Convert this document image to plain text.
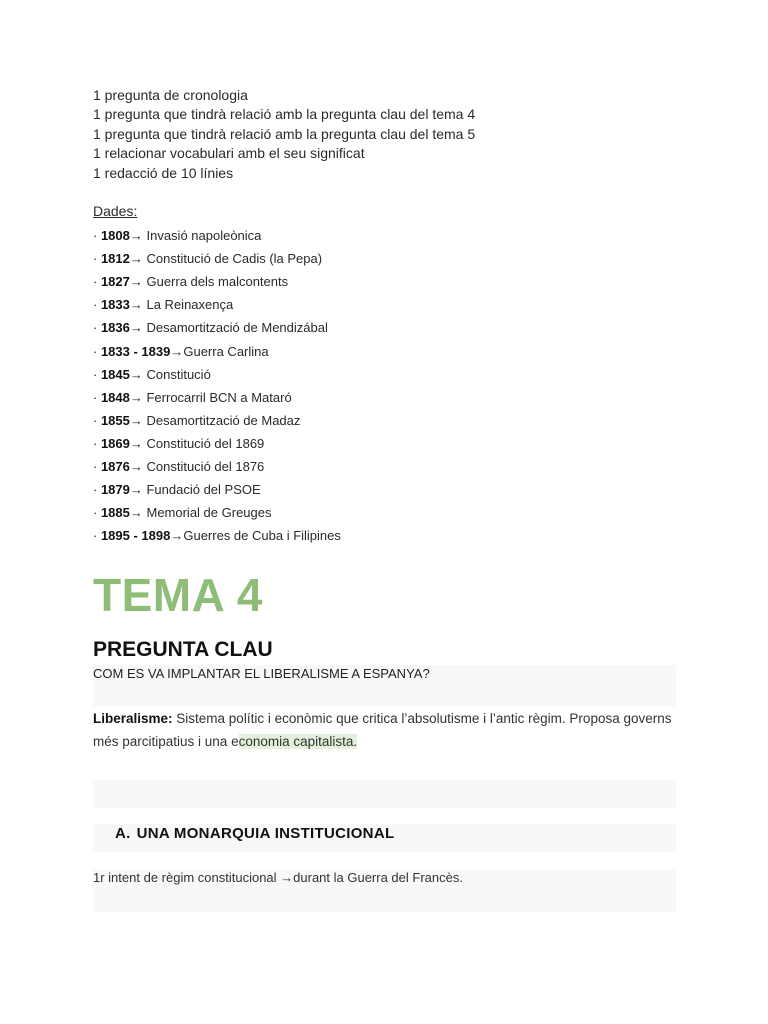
1 pregunta de cronologia
1 pregunta que tindrà relació amb la pregunta clau del tema 4
1 pregunta que tindrà relació amb la pregunta clau del tema 5
1 relacionar vocabulari amb el seu significat
1 redacció de 10 línies
Dades:
· 1808→ Invasió napoleònica
· 1812→ Constitució de Cadis (la Pepa)
· 1827→ Guerra dels malcontents
· 1833→ La Reinaxença
· 1836→ Desamortització de Mendizábal
· 1833 - 1839→Guerra Carlina
· 1845→ Constitució
· 1848→ Ferrocarril BCN a Mataró
· 1855→ Desamortització de Madaz
· 1869→ Constitució del 1869
· 1876→ Constitució del 1876
· 1879→ Fundació del PSOE
· 1885→ Memorial de Greuges
· 1895 - 1898→Guerres de Cuba i Filipines
TEMA 4
PREGUNTA CLAU
COM ES VA IMPLANTAR EL LIBERALISME A ESPANYA?
Liberalisme: Sistema polític i econòmic que critica l’absolutisme i l’antic règim. Proposa governs més parcitipatius i una economia capitalista.
A. UNA MONARQUIA INSTITUCIONAL
1r intent de règim constitucional →durant la Guerra del Francès.
